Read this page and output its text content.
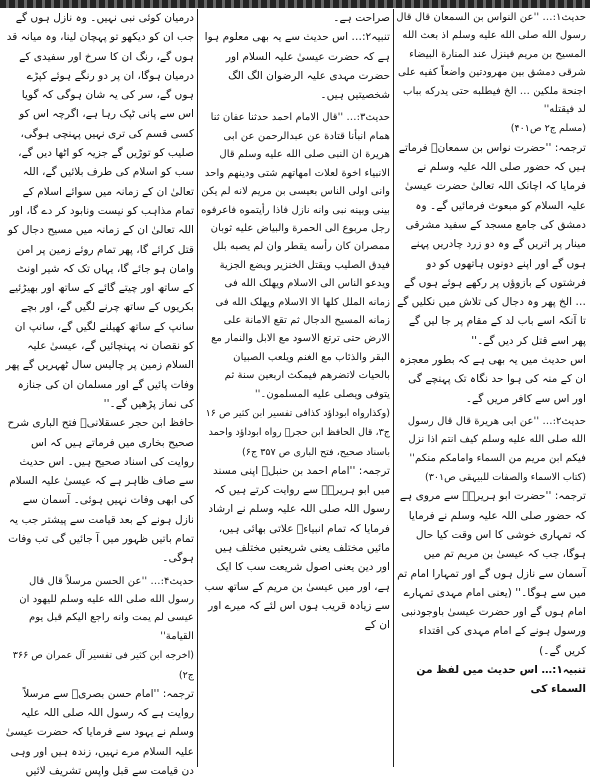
حدیث۱:… ''عن النواس بن السمعان قال قال رسول الله صلی الله علیه وسلم اذ بعث الله المسیح بن مریم فینزل عند المنارة البیضاء شرقی دمشق بین مهرودتین واضعاً کفیه علی اجنحة ملکین … الخ فیطلبه حتی یدرکه بباب لد فیقتله''

(مسلم ج۲ ص۴۰۱)

ترجمہ: ''حضرت نواس بن سمعانؓ فرماتے ہیں کہ حضور صلی اللہ علیہ وسلم نے فرمایا کہ اچانک اللہ تعالیٰ حضرت عیسیٰ علیہ السلام کو مبعوث فرمائیں گے۔ وہ دمشق کی جامع مسجد کے سفید مشرقی مینار پر اتریں گے وہ دو زرد چادریں پہنے ہوں گے اور اپنے دونوں ہاتھوں کو دو فرشتوں کے بازوؤں پر رکھے ہوئے ہوں گے … الخ پھر وہ دجال کی تلاش میں نکلیں گے تا آنکہ اسے باب لد کے مقام پر جا لیں گے پھر اسے قتل کر دیں گے۔''

اس حدیث میں یہ بھی ہے کہ بطور معجزہ ان کے منہ کی ہوا حد نگاہ تک پہنچے گی اور اس سے کافر مریں گے۔

حدیث۲:… ''عن ابی هریرة قال قال رسول الله صلی الله علیه وسلم کیف انتم اذا نزل فیکم ابن مریم من السماء وامامکم منکم''

(کتاب الاسماء والصفات للبیہقی ص۳۰۱)

ترجمہ: ''حضرت ابو ہریرہؓ سے مروی ہے کہ حضور صلی اللہ علیہ وسلم نے فرمایا کہ تمہاری خوشی کا اس وقت کیا حال ہوگا، جب کہ عیسیٰ بن مریم تم میں آسمان سے نازل ہوں گے اور تمہارا امام تم میں سے ہوگا۔'' (یعنی امام مہدی تمہارے امام ہوں گے اور حضرت عیسیٰ باوجودنبی ورسول ہونے کے امام مہدی کی اقتداء کریں گے۔)

تنبیہ۱:… اس حدیث میں لفظ من السماء کی

صراحت ہے۔

تنبیہ۲:… اس حدیث سے یہ بھی معلوم ہوا ہے کہ حضرت عیسیٰ علیہ السلام اور حضرت مہدی علیہ الرضوان الگ الگ شخصیتیں ہیں۔

حدیث۳:… ''قال الامام احمد حدثنا عفان ثنا همام انبأنا قتادة عن عبدالرحمن عن ابی هریرة ان النبی صلی الله علیه وسلم قال الانبیاء اخوة لعلات امهاتهم شتی ودینهم واحد وانی اولی الناس بعیسی بن مریم لانه لم یکن بینی وبینه نبی وانه نازل فاذا رأیتموه فاعرفوه رجل مربوع الی الحمرة والبیاض علیه ثوبان ممصران کان رأسه یقطر وان لم یصبه بلل فیدق الصلیب ویقتل الخنزیر ویضع الجزیة ویدعو الناس الی الاسلام ویهلک الله فی زمانه الملل کلها الا الاسلام ویهلک الله فی زمانه المسیح الدجال ثم تقع الامانة علی الارض حتی ترتع الاسود مع الابل والنمار مع البقر والذئاب مع الغنم ویلعب الصبیان بالحیات لاتضرهم فیمکث اربعین سنة ثم یتوفی ویصلی علیه المسلمون۔''

(وکذارواه ابوداؤد کذافی تفسیر ابن کثیر ص ۱۶ ج۳، قال الحافظ ابن حجرؒ رواه ابوداؤد واحمد باسناد صحیح، فتح الباری ص ۳۵۷ ج۶)

ترجمہ: ''امام احمد بن حنبلؒ اپنی مسند میں ابو ہریرہؓ سے روایت کرتے ہیں کہ رسول اللہ صلی اللہ علیہ وسلم نے ارشاد فرمایا کہ تمام انبیاءؑ علاتی بھائی ہیں، مائیں مختلف یعنی شریعتیں مختلف ہیں اور دین یعنی اصول شریعت سب کا ایک ہے، اور میں عیسیٰ بن مریم کے ساتھ سب سے زیادہ قریب ہوں اس لئے کہ میرے اور ان کے

درمیان کوئی نبی نہیں۔ وہ نازل ہوں گے جب ان کو دیکھو تو پہچان لینا، وہ میانہ قد ہوں گے، رنگ ان کا سرخ اور سفیدی کے درمیان ہوگا، ان پر دو رنگے ہوئے کپڑے ہوں گے، سر کی یہ شان ہوگی کہ گویا اس سے پانی ٹپک رہا ہے، اگرچہ اس کو کسی قسم کی تری نہیں پہنچی ہوگی، صلیب کو توڑیں گے جزیہ کو اٹھا دیں گے، سب کو اسلام کی طرف بلائیں گے، اللہ تعالیٰ ان کے زمانہ میں سوائے اسلام کے تمام مذاہب کو نیست ونابود کر دے گا، اور اللہ تعالیٰ ان کے زمانہ میں مسیح دجال کو قتل کرائے گا، پھر تمام روئے زمین پر امن وامان ہو جائے گا، یہاں تک کہ شیر اونٹ کے ساتھ اور چیتے گائے کے ساتھ اور بھیڑئیے بکریوں کے ساتھ چرنے لگیں گے، اور بچے سانپ کے ساتھ کھیلنے لگیں گے، سانپ ان کو نقصان نہ پہنچائیں گے، عیسیٰ علیہ السلام زمین پر چالیس سال ٹھہریں گے پھر وفات پائیں گے اور مسلمان ان کی جنازہ کی نماز پڑھیں گے۔''

حافظ ابن حجر عسقلانیؒ فتح الباری شرح صحیح بخاری میں فرماتے ہیں کہ اس روایت کی اسناد صحیح ہیں۔ اس حدیث سے صاف ظاہر ہے کہ عیسیٰ علیہ السلام کی ابھی وفات نہیں ہوئی۔ آسمان سے نازل ہونے کے بعد قیامت سے پیشتر جب یہ تمام باتیں ظہور میں آ جائیں گی تب وفات ہوگی۔

حدیث۴:… ''عن الحسن مرسلاً قال قال رسول الله صلی الله علیه وسلم للیهود ان عیسی لم یمت وانه راجع الیکم قبل یوم القیامة''

(اخرجه ابن کثیر فی تفسیر آل عمران ص ۳۶۶ ج۲)

ترجمہ: ''امام حسن بصریؒ سے مرسلاً روایت ہے کہ رسول اللہ صلی اللہ علیہ وسلم نے یہود سے فرمایا کہ حضرت عیسیٰ علیہ السلام مرے نہیں، زندہ ہیں اور وہی دن قیامت سے قبل واپس تشریف لائیں
